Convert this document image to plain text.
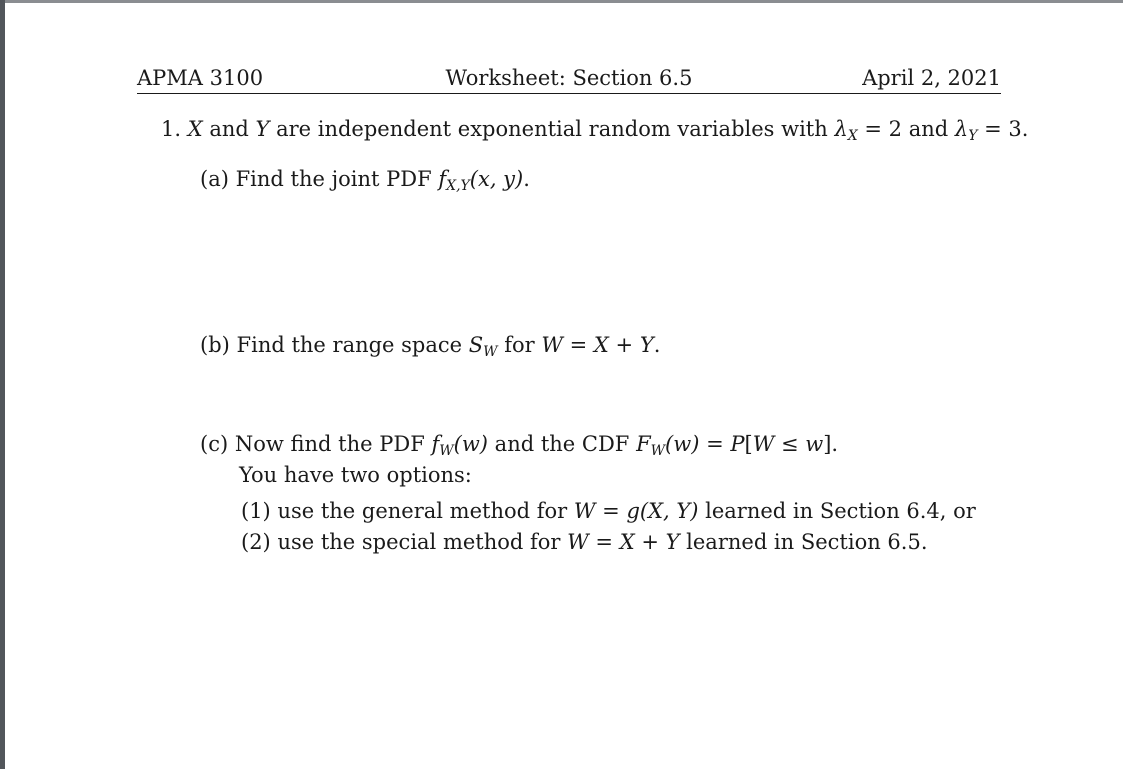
APMA 3100	Worksheet: Section 6.5	April 2, 2021
1. X and Y are independent exponential random variables with $\lambda_X = 2$ and $\lambda_Y = 3$.
(a) Find the joint PDF $f_{X,Y}(x$, y).
(b) Find the range space $S_W$ for W = X + Y.
(c) Now find the PDF $f_W(w)$ and the CDF $F_W(w) = P[W \le w]$.
You have two options:
(1) use the general method for W = g(X, Y) learned in Section 6.4, or
(2) use the special method for W = X + Y learned in Section 6.5.
